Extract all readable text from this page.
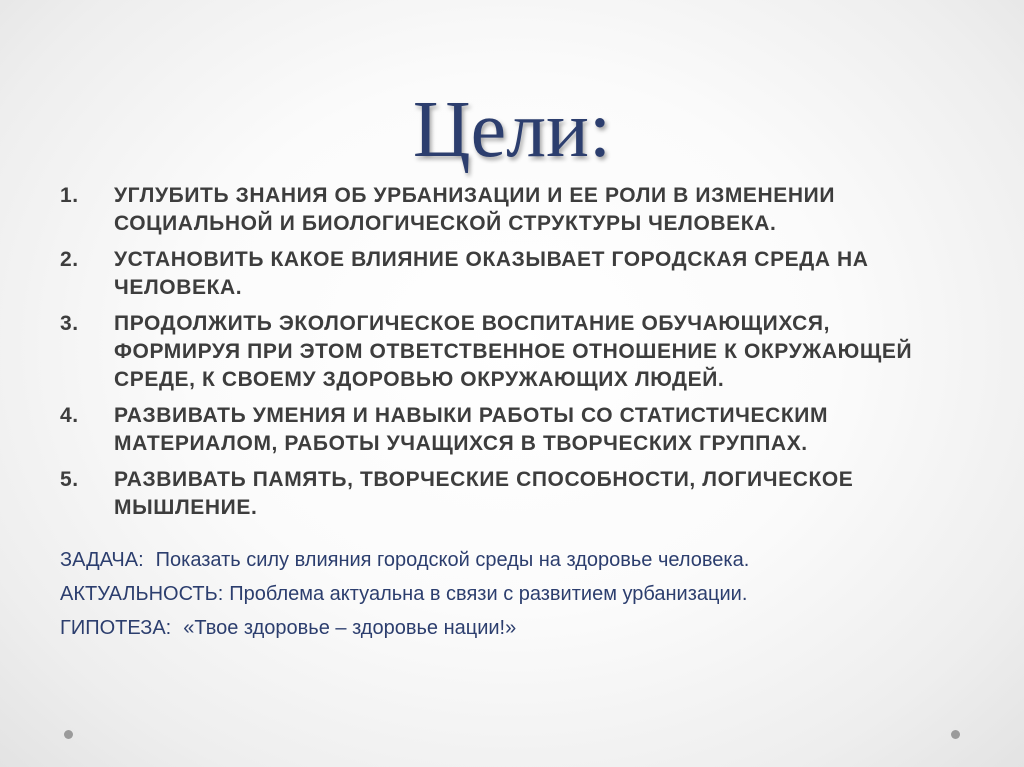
Цели:
1. УГЛУБИТЬ ЗНАНИЯ ОБ УРБАНИЗАЦИИ И ЕЕ РОЛИ В ИЗМЕНЕНИИ СОЦИАЛЬНОЙ И БИОЛОГИЧЕСКОЙ СТРУКТУРЫ ЧЕЛОВЕКА.
2. УСТАНОВИТЬ КАКОЕ ВЛИЯНИЕ ОКАЗЫВАЕТ ГОРОДСКАЯ СРЕДА НА ЧЕЛОВЕКА.
3. ПРОДОЛЖИТЬ ЭКОЛОГИЧЕСКОЕ ВОСПИТАНИЕ ОБУЧАЮЩИХСЯ, ФОРМИРУЯ ПРИ ЭТОМ ОТВЕТСТВЕННОЕ ОТНОШЕНИЕ К ОКРУЖАЮЩЕЙ СРЕДЕ, К СВОЕМУ ЗДОРОВЬЮ ОКРУЖАЮЩИХ ЛЮДЕЙ.
4. РАЗВИВАТЬ УМЕНИЯ И НАВЫКИ РАБОТЫ СО СТАТИСТИЧЕСКИМ МАТЕРИАЛОМ, РАБОТЫ УЧАЩИХСЯ В ТВОРЧЕСКИХ ГРУППАХ.
5. РАЗВИВАТЬ ПАМЯТЬ, ТВОРЧЕСКИЕ СПОСОБНОСТИ, ЛОГИЧЕСКОЕ МЫШЛЕНИЕ.
ЗАДАЧА: Показать силу влияния городской среды на здоровье человека.
АКТУАЛЬНОСТЬ: Проблема актуальна в связи с развитием урбанизации.
ГИПОТЕЗА: «Твое здоровье – здоровье нации!»
